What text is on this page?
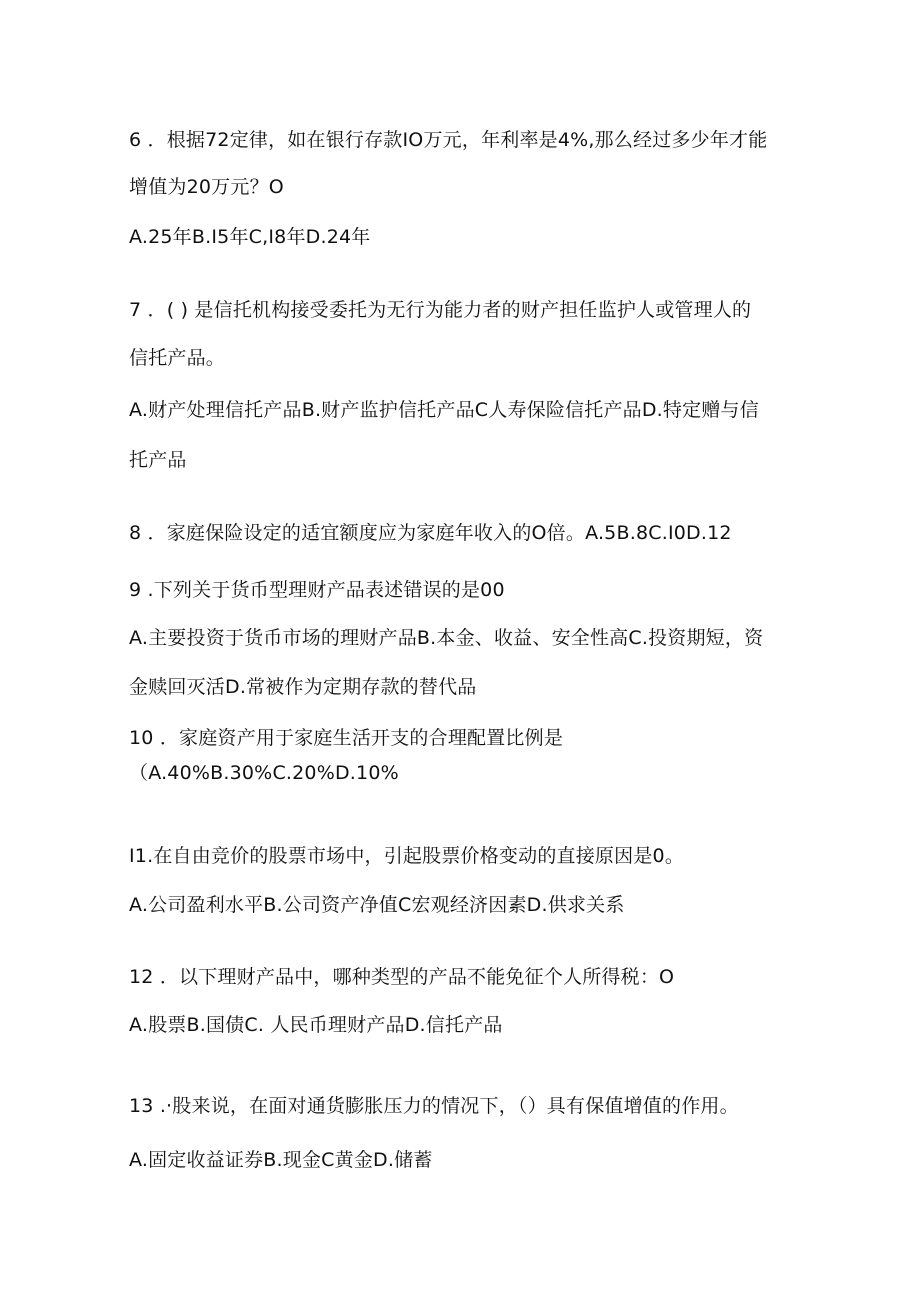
6 ．根据72定律，如在银行存款IO万元，年利率是4%,那么经过多少年才能
增值为20万元？O
A.25年B.I5年C,I8年D.24年
7 ．( ) 是信托机构接受委托为无行为能力者的财产担任监护人或管理人的
信托产品。
A.财产处理信托产品B.财产监护信托产品C人寿保险信托产品D.特定赠与信
托产品
8 ．家庭保险设定的适宜额度应为家庭年收入的O倍。A.5B.8C.I0D.12
9 .下列关于货币型理财产品表述错误的是00
A.主要投资于货币市场的理财产品B.本金、收益、安全性高C.投资期短，资
金赎回灭活D.常被作为定期存款的替代品
10 ．家庭资产用于家庭生活开支的合理配置比例是
（A.40%B.30%C.20%D.10%
I1.在自由竞价的股票市场中，引起股票价格变动的直接原因是0。
A.公司盈利水平B.公司资产净值C宏观经济因素D.供求关系
12 ．以下理财产品中，哪种类型的产品不能免征个人所得税：O
A.股票B.国债C. 人民币理财产品D.信托产品
13 .·股来说，在面对通货膨胀压力的情况下，（）具有保值增值的作用。
A.固定收益证券B.现金C黄金D.储蓄
